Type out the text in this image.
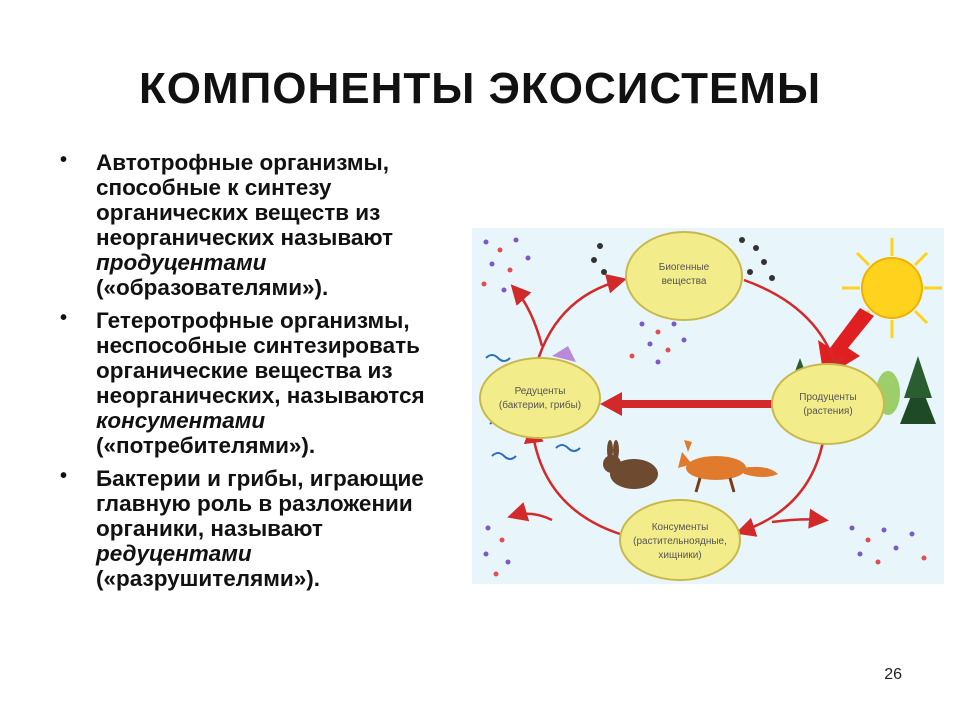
КОМПОНЕНТЫ ЭКОСИСТЕМЫ
• Автотрофные организмы, способные к синтезу органических веществ из неорганических называют продуцентами («образователями»).
• Гетеротрофные организмы, неспособные синтезировать органические вещества из неорганических, называются консументами («потребителями»).
• Бактерии и грибы, играющие главную роль в разложении органики, называют редуцентами («разрушителями»).
Биогенные
вещества
Продуценты
(растения)
Редуценты
(бактерии, грибы)
Консументы
(растительноядные,
хищники)
26
